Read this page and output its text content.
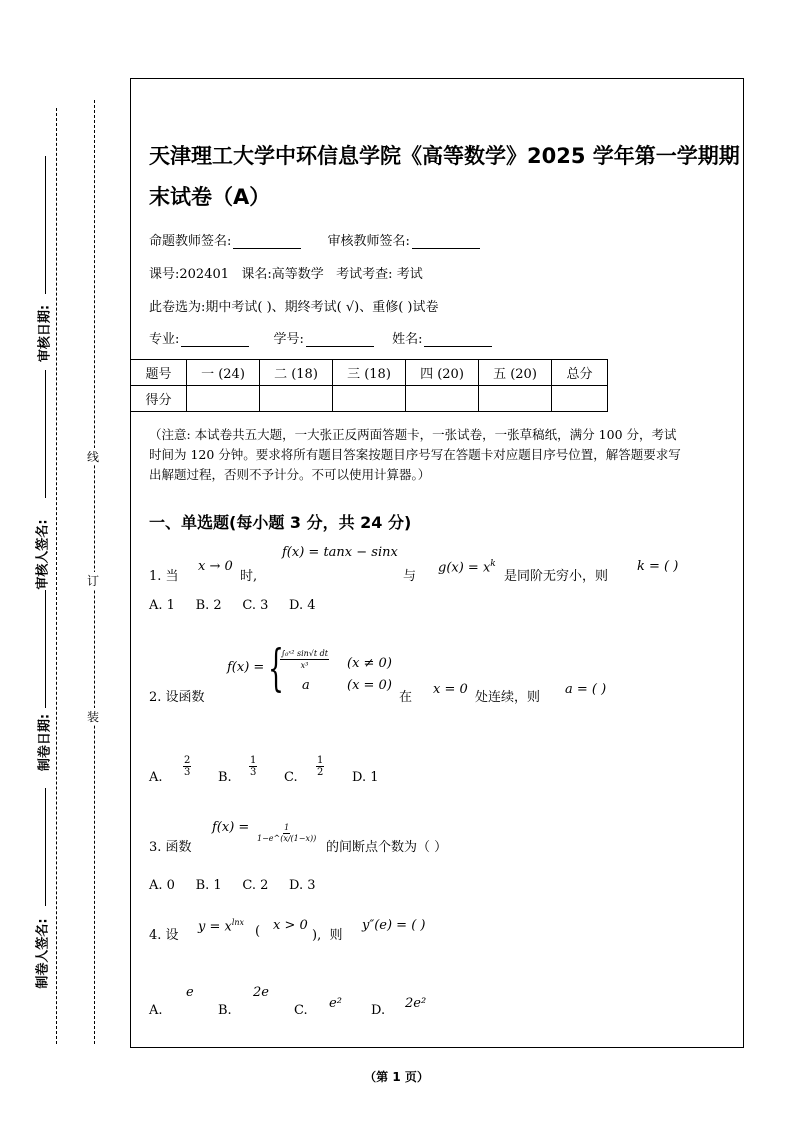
审核日期:
审核人签名:
制卷日期:
制卷人签名:
线
订
装
天津理工大学中环信息学院《高等数学》2025 学年第一学期期
末试卷（A）
命题教师签名:	审核教师签名:
课号:202401   课名:高等数学   考试考查: 考试
此卷选为:期中考试( )、期终考试( √)、重修( )试卷
专业:	学号:	姓名:
题号	一 (24)	二 (18)	三 (18)	四 (20)	五 (20)	总分
得分						
（注意: 本试卷共五大题，一大张正反两面答题卡，一张试卷，一张草稿纸，满分 100 分，考试
时间为 120 分钟。要求将所有题目答案按题目序号写在答题卡对应题目序号位置，解答题要求写
出解题过程，否则不予计分。不可以使用计算器。）
一、单选题(每小题 3 分，共 24 分)
f(x) = tanx − sinx
1. 当
x → 0
时,	与
$g(x) = x^k$
是同阶无穷小，则
k = ( )
A. 1     B. 2     C. 3     D. 4
f(x) = {
$\frac{\text{∫₀ˣ² sin√t dt}}{\text{x³}} (x \ne 0)$
a	(x = 0)
2. 设函数	在
x = 0
处连续，则
a = ( )
A. $\frac{2}{3} B$. $\frac{1}{3} C$. $\frac{1}{2} D$. 1
$f(x) = \frac{1}{1-e\^{}(x/(1-x))}$
3. 函数	的间断点个数为（ ）
A. 0     B. 1     C. 2     D. 3
4. 设
$y = x^{lnx}$
( x > 0
),  则
y″(e) = ( )
A.
e
B.
2e
C. e² D. 2e²
（第 1 页）
